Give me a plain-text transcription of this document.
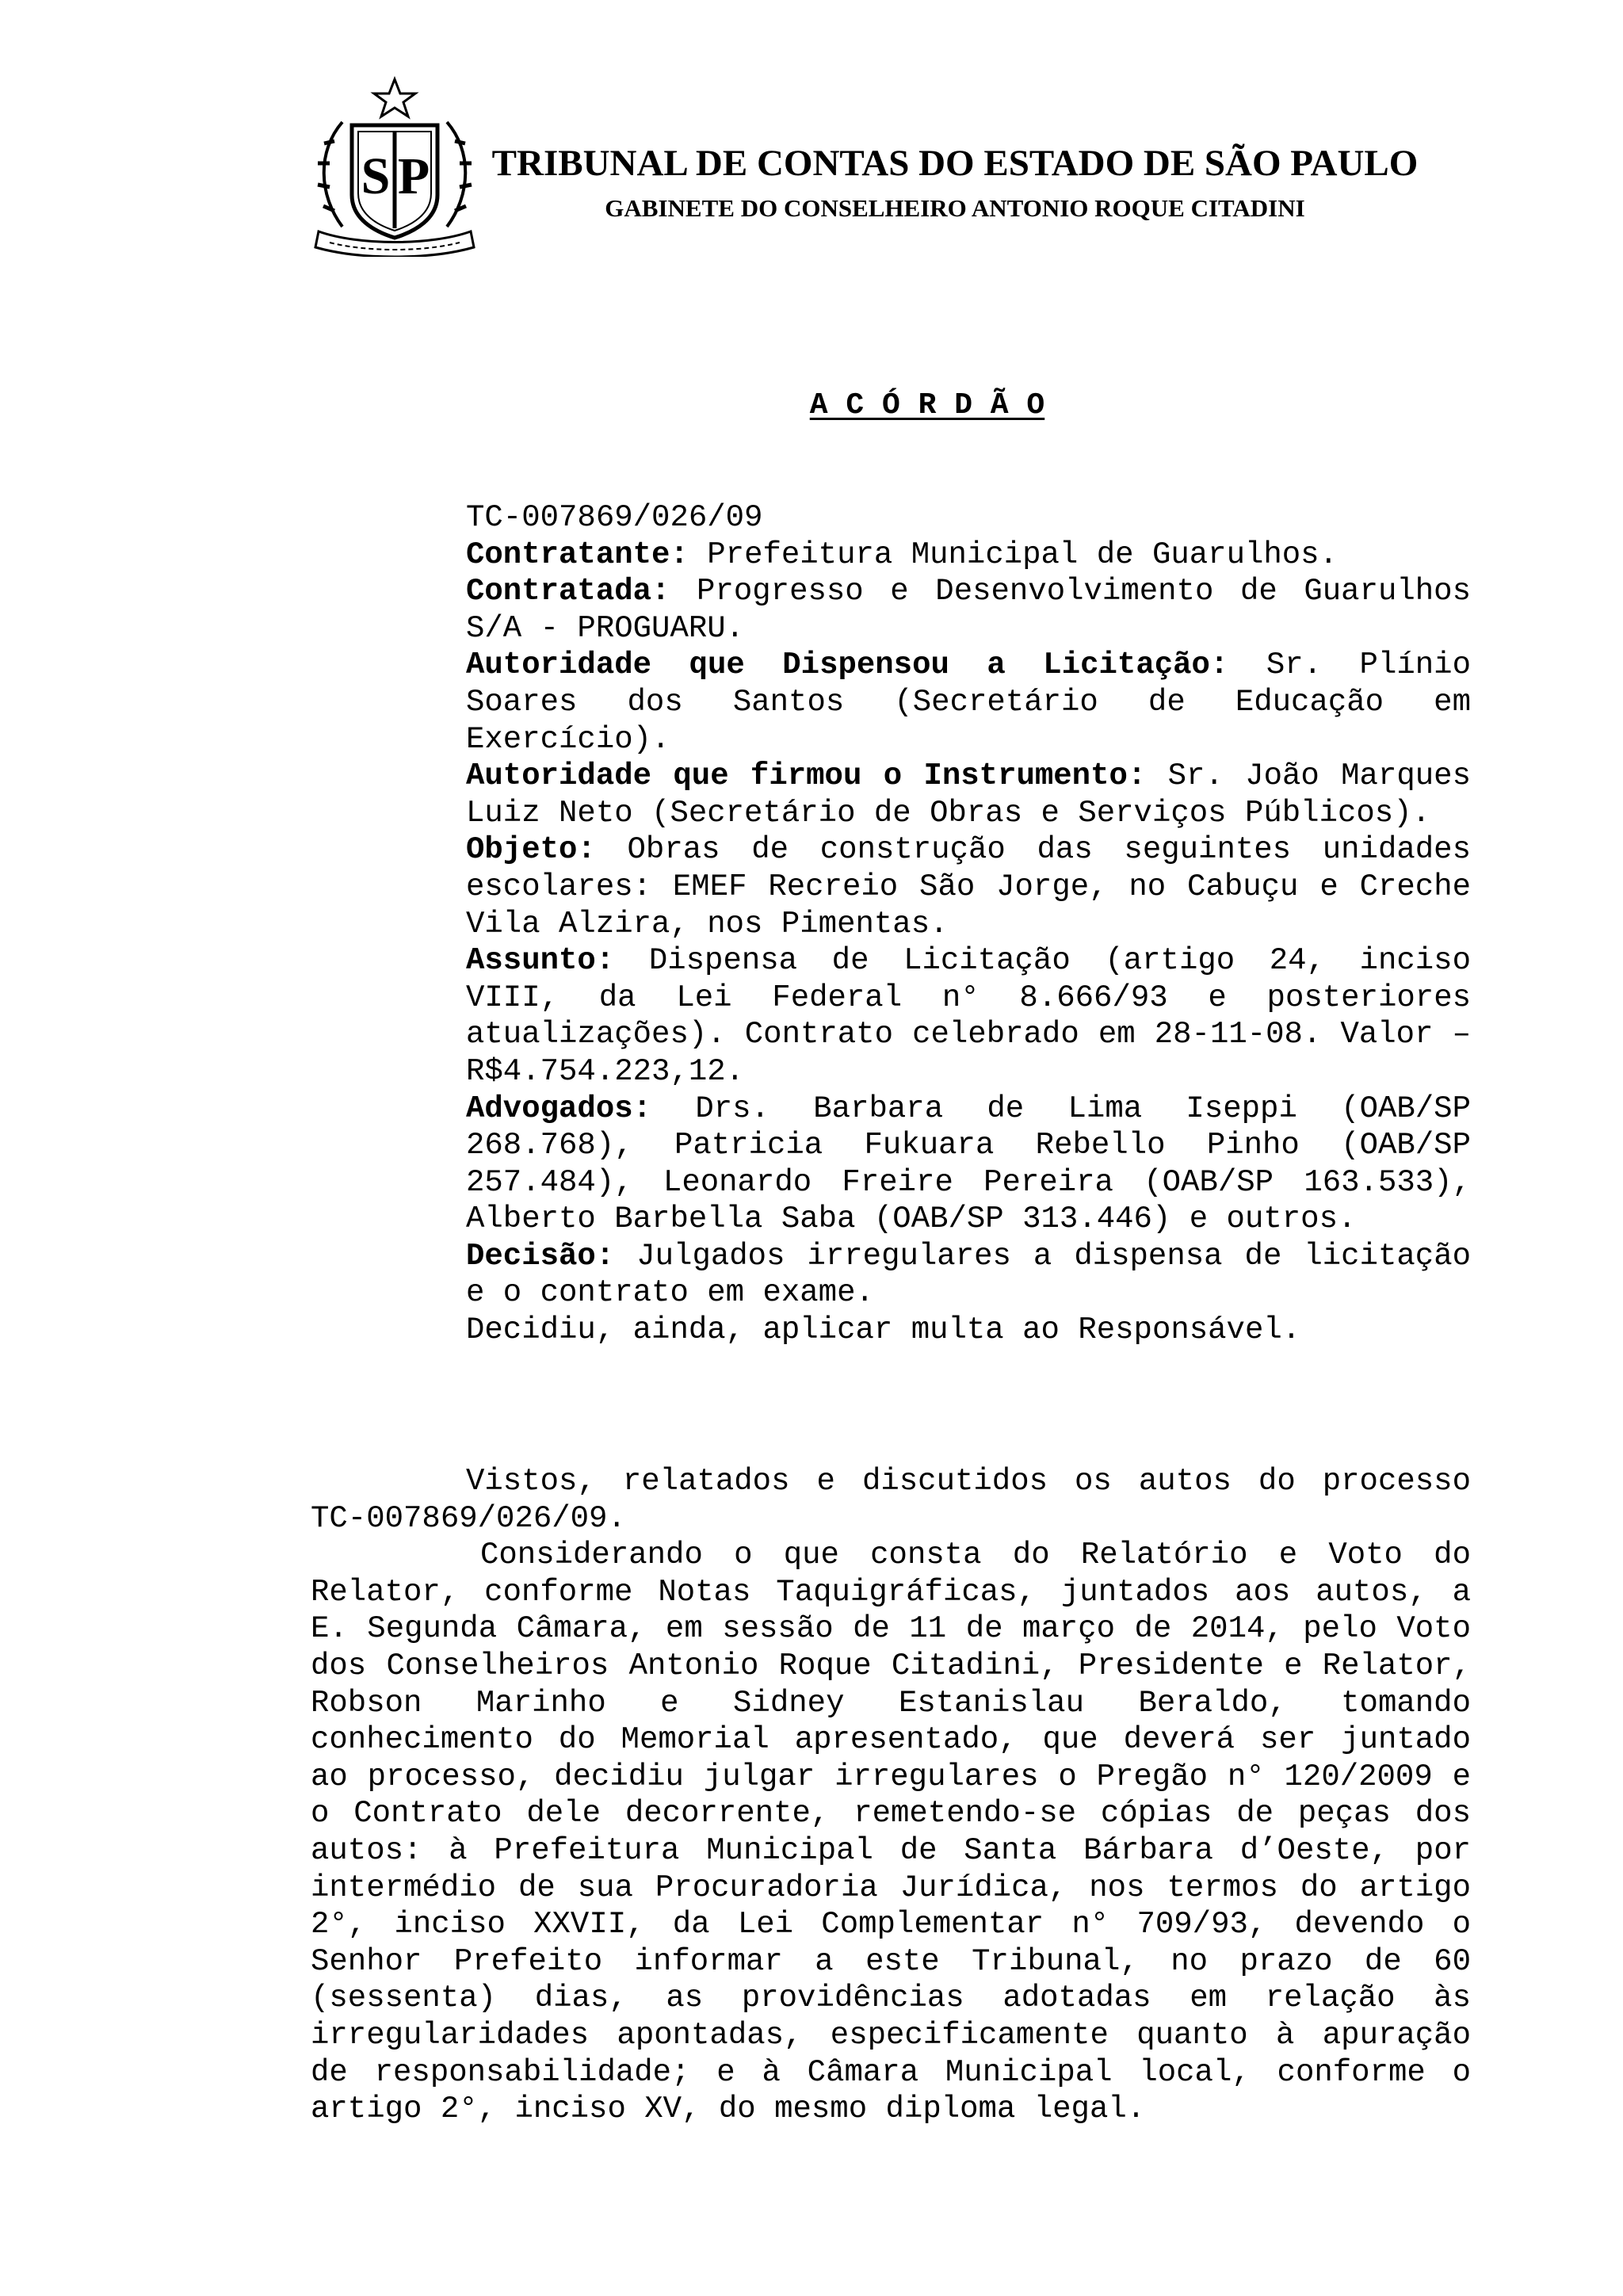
S P	TRIBUNAL DE CONTAS DO ESTADO DE SÃO PAULO
GABINETE DO CONSELHEIRO ANTONIO ROQUE CITADINI
A C Ó R D Ã O

TC-007869/026/09

Contratante: Prefeitura Municipal de Guarulhos.

Contratada: Progresso e Desenvolvimento de Guarulhos S/A - PROGUARU.

Autoridade que Dispensou a Licitação: Sr. Plínio Soares dos Santos (Secretário de Educação em Exercício).

Autoridade que firmou o Instrumento: Sr. João Marques Luiz Neto (Secretário de Obras e Serviços Públicos).

Objeto: Obras de construção das seguintes unidades escolares: EMEF Recreio São Jorge, no Cabuçu e Creche Vila Alzira, nos Pimentas.

Assunto: Dispensa de Licitação (artigo 24, inciso VIII, da Lei Federal n° 8.666/93 e posteriores atualizações). Contrato celebrado em 28-11-08. Valor – R$4.754.223,12.

Advogados: Drs. Barbara de Lima Iseppi (OAB/SP 268.768), Patricia Fukuara Rebello Pinho (OAB/SP 257.484), Leonardo Freire Pereira (OAB/SP 163.533), Alberto Barbella Saba (OAB/SP 313.446) e outros.

Decisão: Julgados irregulares a dispensa de licitação e o contrato em exame.

Decidiu, ainda, aplicar multa ao Responsável.

Vistos, relatados e discutidos os autos do processo TC-007869/026/09.

Considerando o que consta do Relatório e Voto do Relator, conforme Notas Taquigráficas, juntados aos autos, a E. Segunda Câmara, em sessão de 11 de março de 2014, pelo Voto dos Conselheiros Antonio Roque Citadini, Presidente e Relator, Robson Marinho e Sidney Estanislau Beraldo, tomando conhecimento do Memorial apresentado, que deverá ser juntado ao processo, decidiu julgar irregulares o Pregão n° 120/2009 e o Contrato dele decorrente, remetendo-se cópias de peças dos autos: à Prefeitura Municipal de Santa Bárbara d’Oeste, por intermédio de sua Procuradoria Jurídica, nos termos do artigo 2°, inciso XXVII, da Lei Complementar n° 709/93, devendo o Senhor Prefeito informar a este Tribunal, no prazo de 60 (sessenta) dias, as providências adotadas em relação às irregularidades apontadas, especificamente quanto à apuração de responsabilidade; e à Câmara Municipal local, conforme o artigo 2°, inciso XV, do mesmo diploma legal.
